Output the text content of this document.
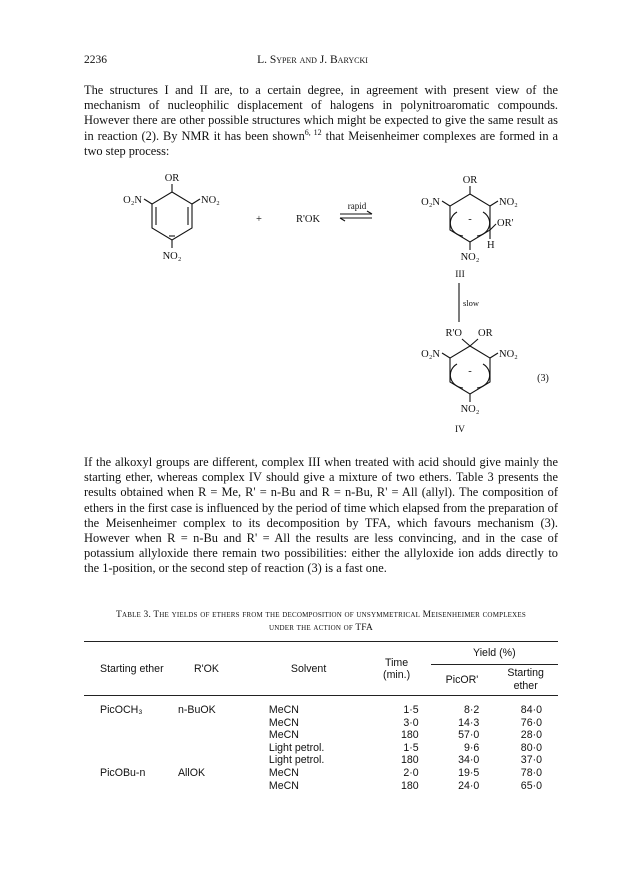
2236	L. Syper and J. Barycki

The structures I and II are, to a certain degree, in agreement with present view of the mechanism of nucleophilic displacement of halogens in polynitroaromatic compounds. However there are other possible structures which might be expected to give the same result as in reaction (2). By NMR it has been shown$^{6, 12}$ that Meisenheimer complexes are formed in a two step process:

OR
O₂N	NO₂
NO₂
+	R'OK
rapid
OR
O₂N	NO₂
OR'
-
H
NO₂
III
slow
R'O OR
O₂N	NO₂
-
NO₂
IV
(3)

If the alkoxyl groups are different, complex III when treated with acid should give mainly the starting ether, whereas complex IV should give a mixture of two ethers. Table 3 presents the results obtained when R = Me, R' = n-Bu and R = n-Bu, R' = All (allyl). The composition of ethers in the first case is influenced by the period of time which elapsed from the preparation of the Meisenheimer complex to its decomposition by TFA, which favours mechanism (3). However when R = n-Bu and R' = All the results are less convincing, and in the case of potassium allyloxide there remain two possibilities: either the allyloxide ion adds directly to the 1-position, or the second step of reaction (3) is a fast one.

Table 3. The yields of ethers from the decomposition of unsymmetrical Meisenheimer complexes
under the action of TFA
Starting ether	R'OK	Solvent	Time
(min.)	Yield (%)	
				PicOR'	Starting
ether

PicOCH₃	n-BuOK	MeCN	1·5	8·2	84·0
		MeCN	3·0	14·3	76·0
		MeCN	180	57·0	28·0
		Light petrol.	1·5	9·6	80·0
		Light petrol.	180	34·0	37·0
PicOBu-n	AllOK	MeCN	2·0	19·5	78·0
		MeCN	180	24·0	65·0
